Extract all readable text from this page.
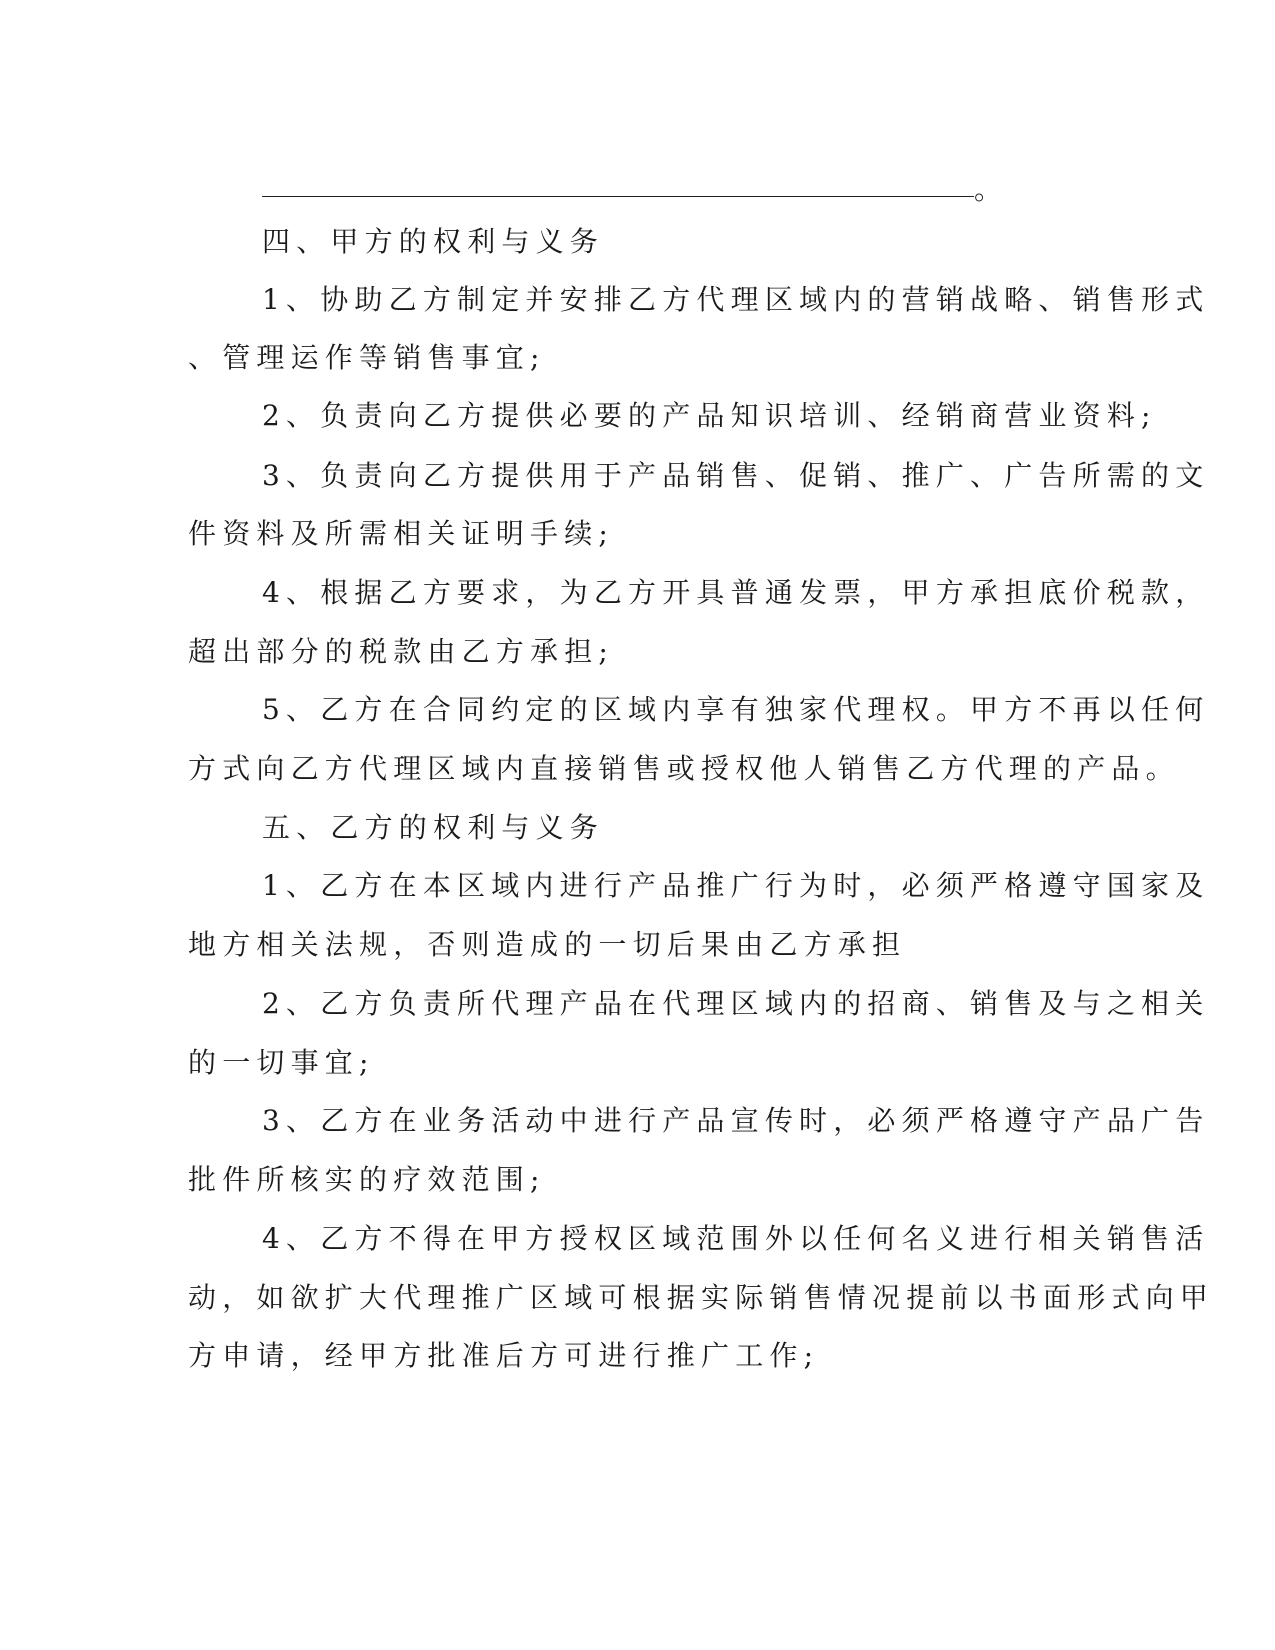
。
四、甲方的权利与义务
1、协助乙方制定并安排乙方代理区域内的营销战略、销售形式
、管理运作等销售事宜;
2、负责向乙方提供必要的产品知识培训、经销商营业资料;
3、负责向乙方提供用于产品销售、促销、推广、广告所需的文
件资料及所需相关证明手续;
4、根据乙方要求，为乙方开具普通发票，甲方承担底价税款，
超出部分的税款由乙方承担;
5、乙方在合同约定的区域内享有独家代理权。甲方不再以任何
方式向乙方代理区域内直接销售或授权他人销售乙方代理的产品。
五、乙方的权利与义务
1、乙方在本区域内进行产品推广行为时，必须严格遵守国家及
地方相关法规，否则造成的一切后果由乙方承担
2、乙方负责所代理产品在代理区域内的招商、销售及与之相关
的一切事宜;
3、乙方在业务活动中进行产品宣传时，必须严格遵守产品广告
批件所核实的疗效范围;
4、乙方不得在甲方授权区域范围外以任何名义进行相关销售活
动，如欲扩大代理推广区域可根据实际销售情况提前以书面形式向甲
方申请，经甲方批准后方可进行推广工作;
